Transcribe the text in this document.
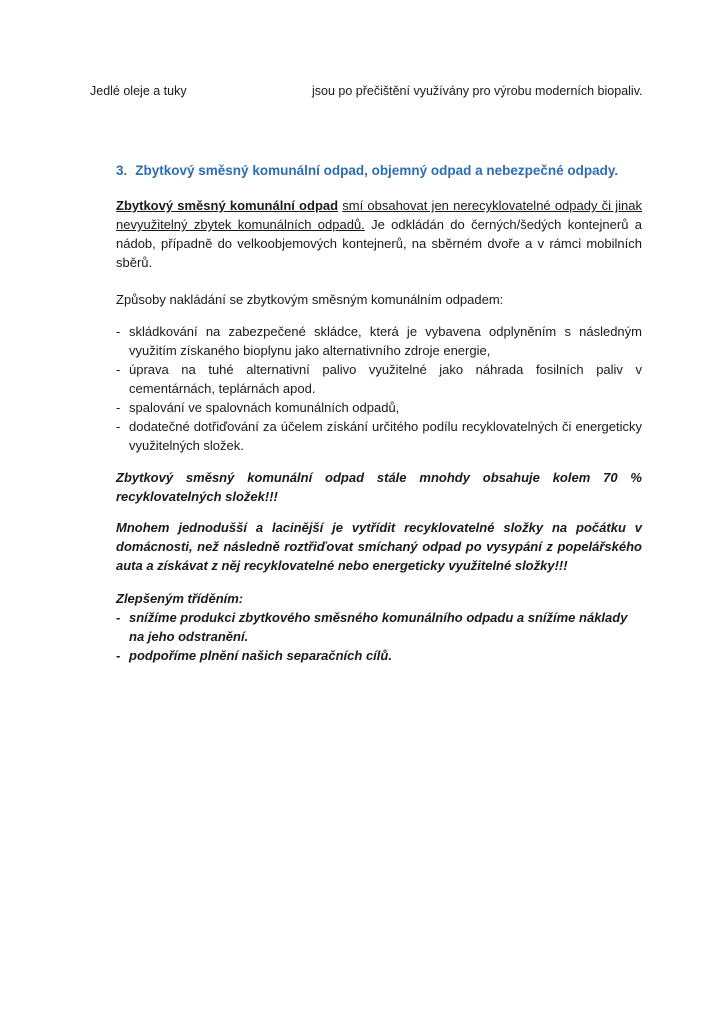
Jedlé oleje a tuky	jsou po přečištění využívány pro výrobu moderních biopaliv.
3. Zbytkový směsný komunální odpad, objemný odpad a nebezpečné odpady.
Zbytkový směsný komunální odpad smí obsahovat jen nerecyklovatelné odpady či jinak nevyužitelný zbytek komunálních odpadů. Je odkládán do černých/šedých kontejnerů a nádob, případně do velkoobjemových kontejnerů, na sběrném dvoře a v rámci mobilních sběrů.
Způsoby nakládání se zbytkovým směsným komunálním odpadem:
- skládkování na zabezpečené skládce, která je vybavena odplyněním s následným využitím získaného bioplynu jako alternativního zdroje energie,
- úprava na tuhé alternativní palivo využitelné jako náhrada fosilních paliv v cementárnách, teplárnách apod.
- spalování ve spalovnách komunálních odpadů,
- dodatečné dotřiďování za účelem získání určitého podílu recyklovatelných či energeticky využitelných složek.
Zbytkový směsný komunální odpad stále mnohdy obsahuje kolem 70 % recyklovatelných složek!!!
Mnohem jednodušší a lacinější je vytřídit recyklovatelné složky na počátku v domácnosti, než následně roztřiďovat smíchaný odpad po vysypání z popelářského auta a získávat z něj recyklovatelné nebo energeticky využitelné složky!!!
Zlepšeným tříděním:
- snížíme produkci zbytkového směsného komunálního odpadu a snížíme náklady na jeho odstranění.
- podpoříme plnění našich separačních cílů.
